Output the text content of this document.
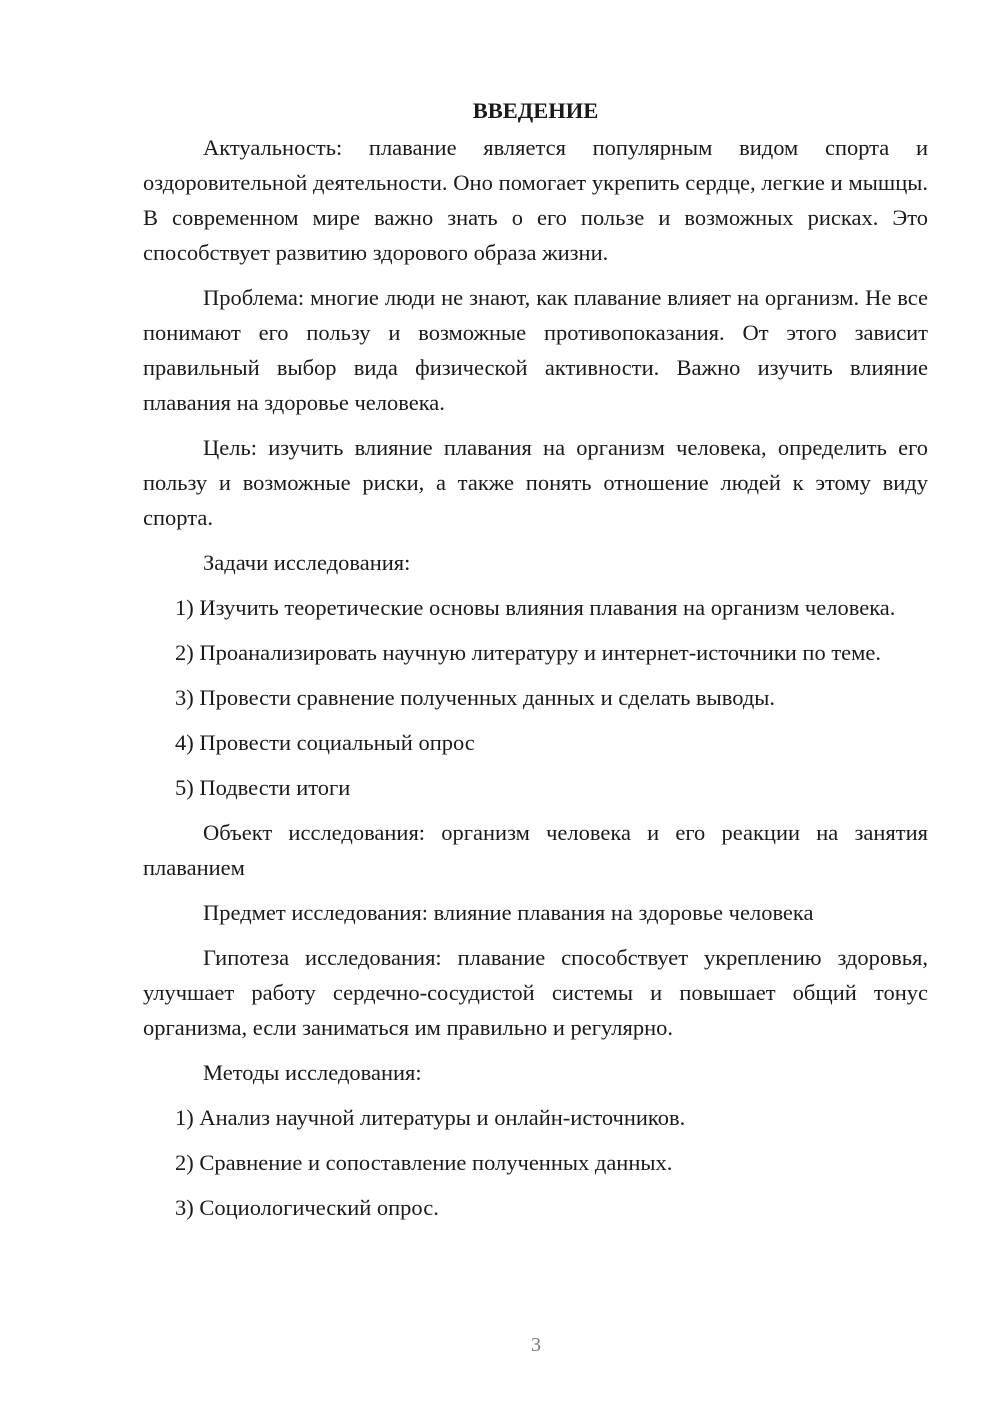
ВВЕДЕНИЕ

Актуальность: плавание является популярным видом спорта и оздоровительной деятельности. Оно помогает укрепить сердце, легкие и мышцы. В современном мире важно знать о его пользе и возможных рисках. Это способствует развитию здорового образа жизни.

Проблема: многие люди не знают, как плавание влияет на организм. Не все понимают его пользу и возможные противопоказания. От этого зависит правильный выбор вида физической активности. Важно изучить влияние плавания на здоровье человека.

Цель: изучить влияние плавания на организм человека, определить его пользу и возможные риски, а также понять отношение людей к этому виду спорта.

Задачи исследования:

1) Изучить теоретические основы влияния плавания на организм человека.

2) Проанализировать научную литературу и интернет-источники по теме.

3) Провести сравнение полученных данных и сделать выводы.

4) Провести социальный опрос

5) Подвести итоги

Объект исследования: организм человека и его реакции на занятия плаванием

Предмет исследования: влияние плавания на здоровье человека

Гипотеза исследования: плавание способствует укреплению здоровья, улучшает работу сердечно-сосудистой системы и повышает общий тонус организма, если заниматься им правильно и регулярно.

Методы исследования:

1) Анализ научной литературы и онлайн-источников.

2) Сравнение и сопоставление полученных данных.

3) Социологический опрос.

3
